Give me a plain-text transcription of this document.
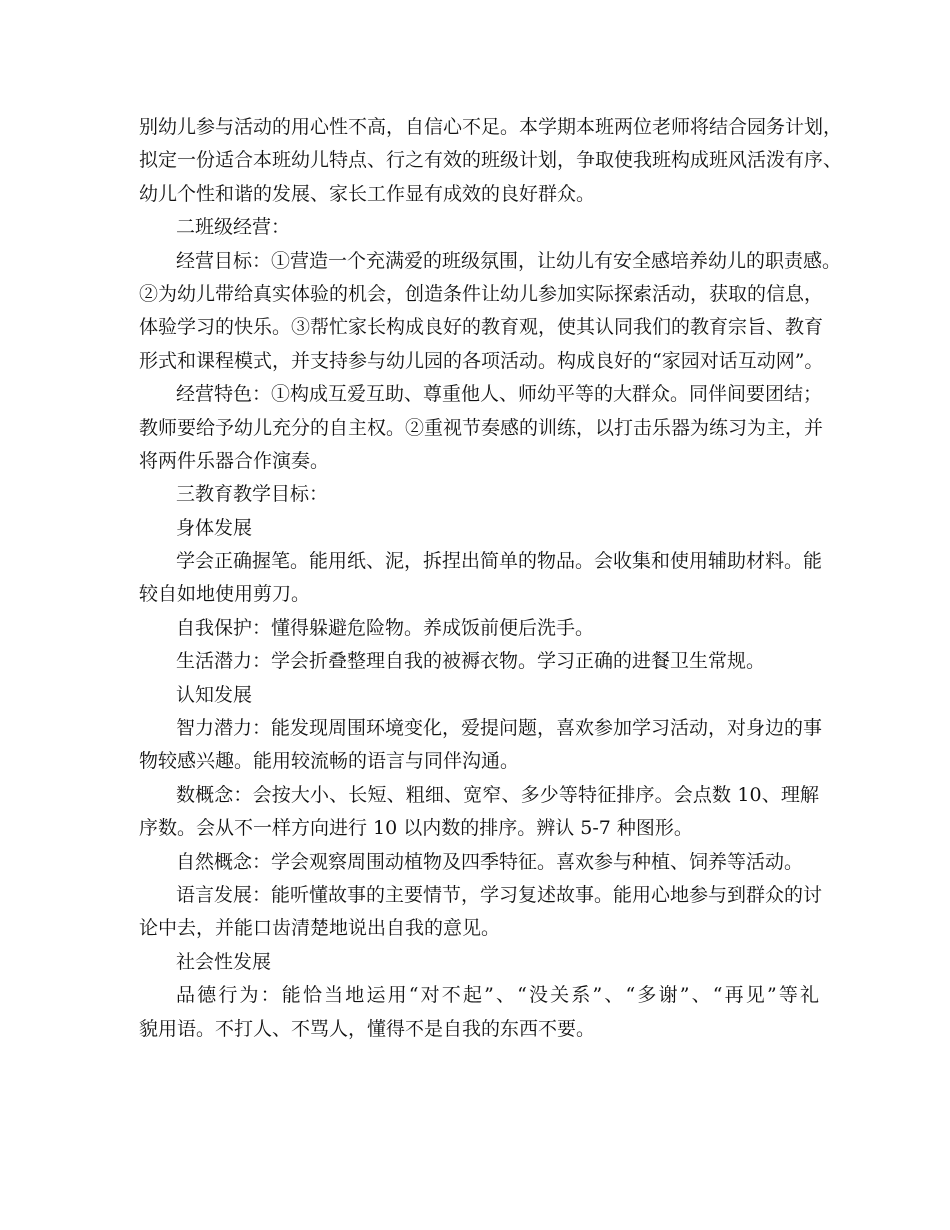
别幼儿参与活动的用心性不高，自信心不足。本学期本班两位老师将结合园务计划，
拟定一份适合本班幼儿特点、行之有效的班级计划，争取使我班构成班风活泼有序、
幼儿个性和谐的发展、家长工作显有成效的良好群众。
二班级经营：
经营目标：①营造一个充满爱的班级氛围，让幼儿有安全感培养幼儿的职责感。
②为幼儿带给真实体验的机会，创造条件让幼儿参加实际探索活动，获取的信息，
体验学习的快乐。③帮忙家长构成良好的教育观，使其认同我们的教育宗旨、教育
形式和课程模式，并支持参与幼儿园的各项活动。构成良好的“家园对话互动网”。
经营特色：①构成互爱互助、尊重他人、师幼平等的大群众。同伴间要团结；
教师要给予幼儿充分的自主权。②重视节奏感的训练，以打击乐器为练习为主，并
将两件乐器合作演奏。
三教育教学目标：
身体发展
学会正确握笔。能用纸、泥，拆捏出简单的物品。会收集和使用辅助材料。能
较自如地使用剪刀。
自我保护：懂得躲避危险物。养成饭前便后洗手。
生活潜力：学会折叠整理自我的被褥衣物。学习正确的进餐卫生常规。
认知发展
智力潜力：能发现周围环境变化，爱提问题，喜欢参加学习活动，对身边的事
物较感兴趣。能用较流畅的语言与同伴沟通。
数概念：会按大小、长短、粗细、宽窄、多少等特征排序。会点数 10、理解
序数。会从不一样方向进行 10 以内数的排序。辨认 5-7 种图形。
自然概念：学会观察周围动植物及四季特征。喜欢参与种植、饲养等活动。
语言发展：能听懂故事的主要情节，学习复述故事。能用心地参与到群众的讨
论中去，并能口齿清楚地说出自我的意见。
社会性发展
品德行为：能恰当地运用“对不起”、“没关系”、“多谢”、“再见”等礼
貌用语。不打人、不骂人，懂得不是自我的东西不要。
